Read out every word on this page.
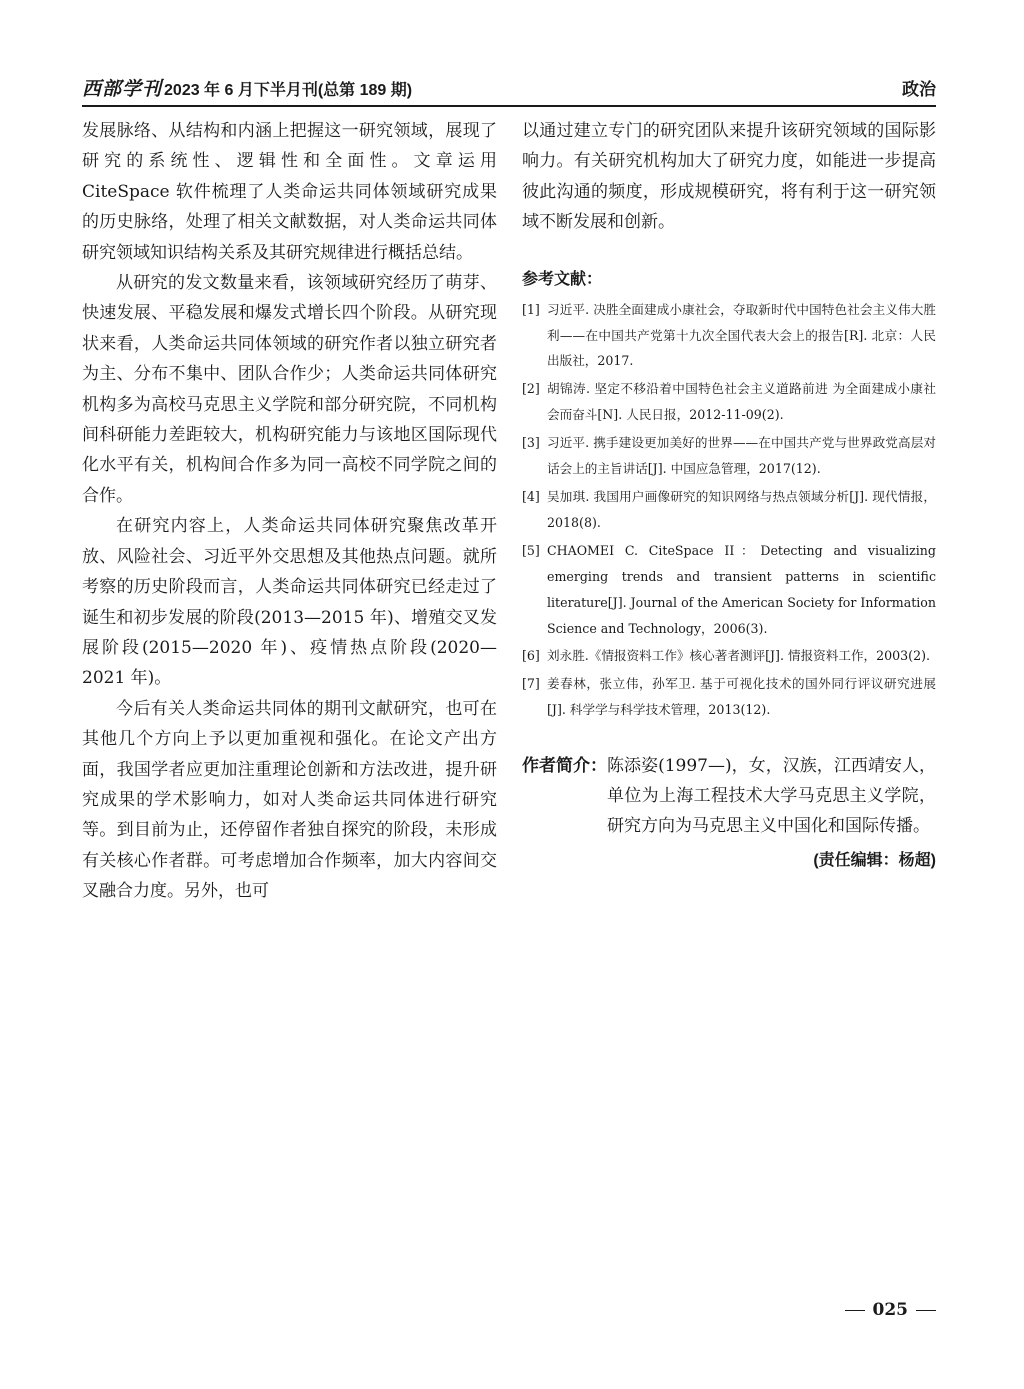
西部学刊 2023 年 6 月下半月刊(总第 189 期)	政治

发展脉络、从结构和内涵上把握这一研究领域，展现了研究的系统性、逻辑性和全面性。文章运用 CiteSpace 软件梳理了人类命运共同体领域研究成果的历史脉络，处理了相关文献数据，对人类命运共同体研究领域知识结构关系及其研究规律进行概括总结。

从研究的发文数量来看，该领域研究经历了萌芽、快速发展、平稳发展和爆发式增长四个阶段。从研究现状来看，人类命运共同体领域的研究作者以独立研究者为主、分布不集中、团队合作少；人类命运共同体研究机构多为高校马克思主义学院和部分研究院，不同机构间科研能力差距较大，机构研究能力与该地区国际现代化水平有关，机构间合作多为同一高校不同学院之间的合作。

在研究内容上，人类命运共同体研究聚焦改革开放、风险社会、习近平外交思想及其他热点问题。就所考察的历史阶段而言，人类命运共同体研究已经走过了诞生和初步发展的阶段(2013—2015 年)、增殖交叉发展阶段(2015—2020 年)、疫情热点阶段(2020—2021 年)。

今后有关人类命运共同体的期刊文献研究，也可在其他几个方向上予以更加重视和强化。在论文产出方面，我国学者应更加注重理论创新和方法改进，提升研究成果的学术影响力，如对人类命运共同体进行研究等。到目前为止，还停留作者独自探究的阶段，未形成有关核心作者群。可考虑增加合作频率，加大内容间交叉融合力度。另外，也可

以通过建立专门的研究团队来提升该研究领域的国际影响力。有关研究机构加大了研究力度，如能进一步提高彼此沟通的频度，形成规模研究，将有利于这一研究领域不断发展和创新。

参考文献：
[1] 习近平. 决胜全面建成小康社会，夺取新时代中国特色社会主义伟大胜利——在中国共产党第十九次全国代表大会上的报告[R]. 北京：人民出版社，2017.
[2] 胡锦涛. 坚定不移沿着中国特色社会主义道路前进 为全面建成小康社会而奋斗[N]. 人民日报，2012-11-09(2).
[3] 习近平. 携手建设更加美好的世界——在中国共产党与世界政党高层对话会上的主旨讲话[J]. 中国应急管理，2017(12).
[4] 吴加琪. 我国用户画像研究的知识网络与热点领域分析[J]. 现代情报，2018(8).
[5] CHAOMEI C. CiteSpace II：Detecting and visualizing emerging trends and transient patterns in scientific literature[J]. Journal of the American Society for Information Science and Technology，2006(3).
[6] 刘永胜.《情报资料工作》核心著者测评[J]. 情报资料工作，2003(2).
[7] 姜春林，张立伟，孙军卫. 基于可视化技术的国外同行评议研究进展[J]. 科学学与科学技术管理，2013(12).
作者简介： 陈添姿(1997—)，女，汉族，江西靖安人，单位为上海工程技术大学马克思主义学院，研究方向为马克思主义中国化和国际传播。
(责任编辑：杨超)
025
